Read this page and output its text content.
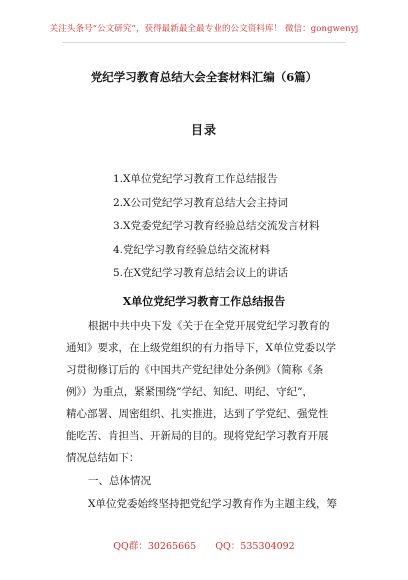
关注头条号“公文研究”，获得最新最全最专业的公文资料库！ 微信：gongwenyj
党纪学习教育总结大会全套材料汇编（6篇）
目录
1.X单位党纪学习教育工作总结报告
2.X公司党纪学习教育总结大会主持词
3.X党委党纪学习教育经验总结交流发言材料
4.党纪学习教育经验总结交流材料
5.在X党纪学习教育总结会议上的讲话
X单位党纪学习教育工作总结报告
根据中共中央下发《关于在全党开展党纪学习教育的
通知》要求，在上级党组织的有力指导下，X单位党委以学
习贯彻修订后的《中国共产党纪律处分条例》（简称《条
例》）为重点，紧紧围绕”学纪、知纪、明纪、守纪”，
精心部署、周密组织、扎实推进，达到了学党纪、强党性
能吃苦、肯担当、开新局的目的。现将党纪学习教育开展
情况总结如下：
一、总体情况
X单位党委始终坚持把党纪学习教育作为主题主线，筹
QQ群：30265665 QQ：535304092
